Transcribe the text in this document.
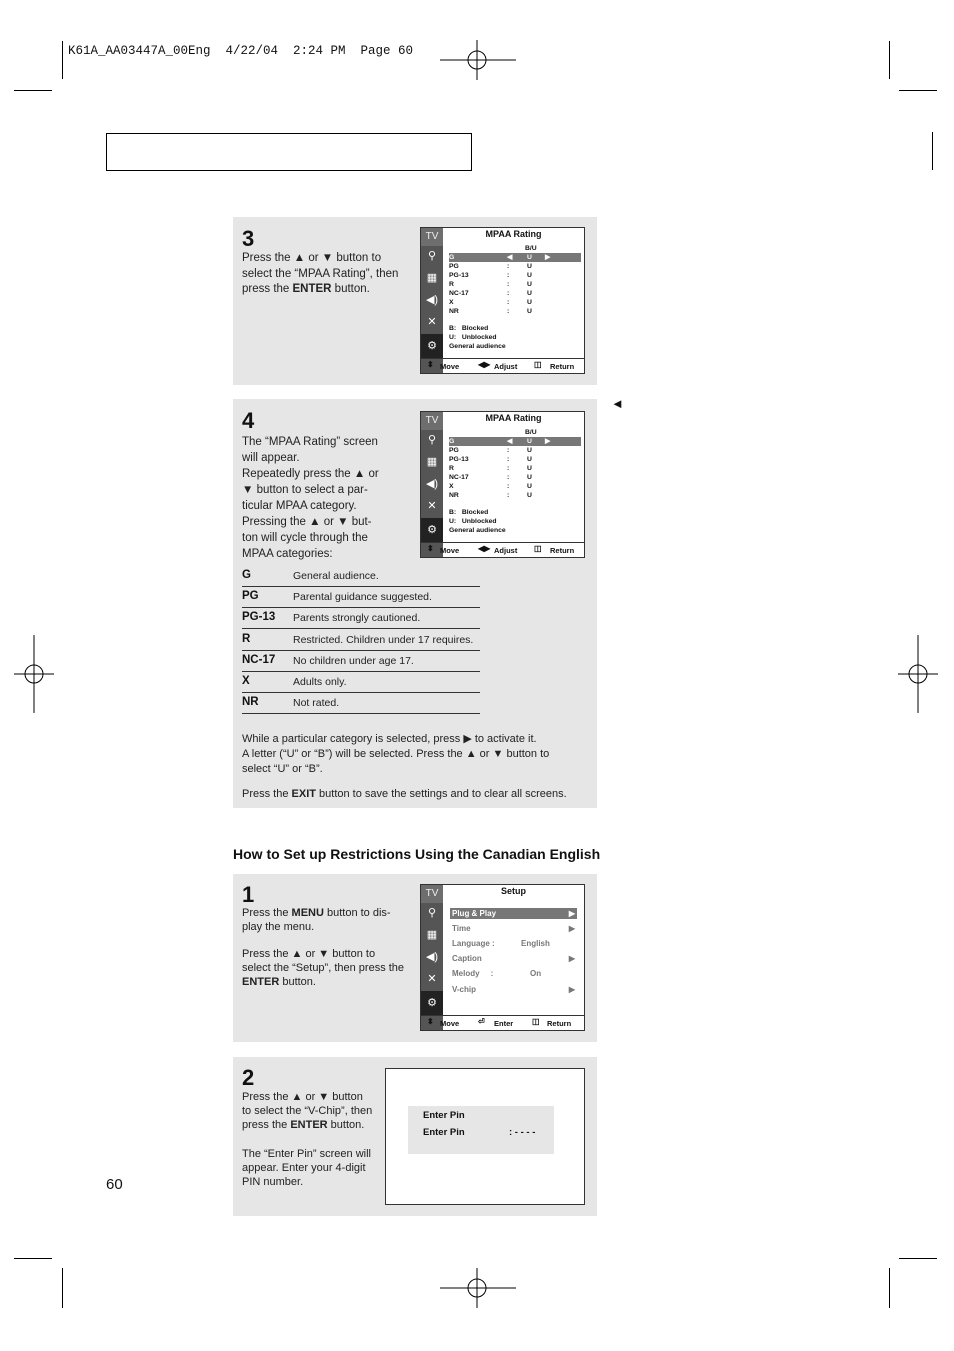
K61A_AA03447A_00Eng  4/22/04  2:24 PM  Page 60
◄
3

Press the ▲ or ▼ button to

select the “MPAA Rating”, then

press the ENTER button.

TV
⚲
▦
◀)
✕
⚙
MPAA Rating
B/U
G	◀ U ▶
PG	:	U
PG-13	:	U
R	:	U
NC-17	:	U
X	:	U
NR	:	U
B:   Blocked
U:   Unblocked
General audience
⬍ Move ◀▶ Adjust ◫ Return
4

The “MPAA Rating” screen

will appear.

Repeatedly press the ▲ or

▼ button to select a par-

ticular MPAA category.

Pressing the ▲ or ▼ but-

ton will cycle through the

MPAA categories:

TV
⚲
▦
◀)
✕
⚙
MPAA Rating
B/U
G	◀ U ▶
PG	:	U
PG-13	:	U
R	:	U
NC-17	:	U
X	:	U
NR	:	U
B:   Blocked
U:   Unblocked
General audience
⬍ Move ◀▶ Adjust ◫ Return
G	General audience.
PG	Parental guidance suggested.
PG-13 Parents strongly cautioned.
R	Restricted. Children under 17 requires.
NC-17 No children under age 17.
X	Adults only.
NR	Not rated.

While a particular category is selected, press ▶ to activate it.

A letter (“U” or “B”) will be selected. Press the ▲ or ▼ button to

select “U” or “B”.

Press the EXIT button to save the settings and to clear all screens.

How to Set up Restrictions Using the Canadian English
1

Press the MENU button to dis-

play the menu.

Press the ▲ or ▼ button to

select the “Setup”, then press the

ENTER button.

TV
⚲
▦
◀)
✕
⚙
Setup
Plug & Play	▶
Time	▶
Language :	English
Caption	▶
Melody     :	On
V-chip	▶
⬍ Move ⏎ Enter ◫ Return
2

Press the ▲ or ▼ button

to select the “V-Chip”, then

press the ENTER button.

The “Enter Pin” screen will

appear. Enter your 4-digit

PIN number.

Enter Pin
Enter Pin	: - - - -
60
